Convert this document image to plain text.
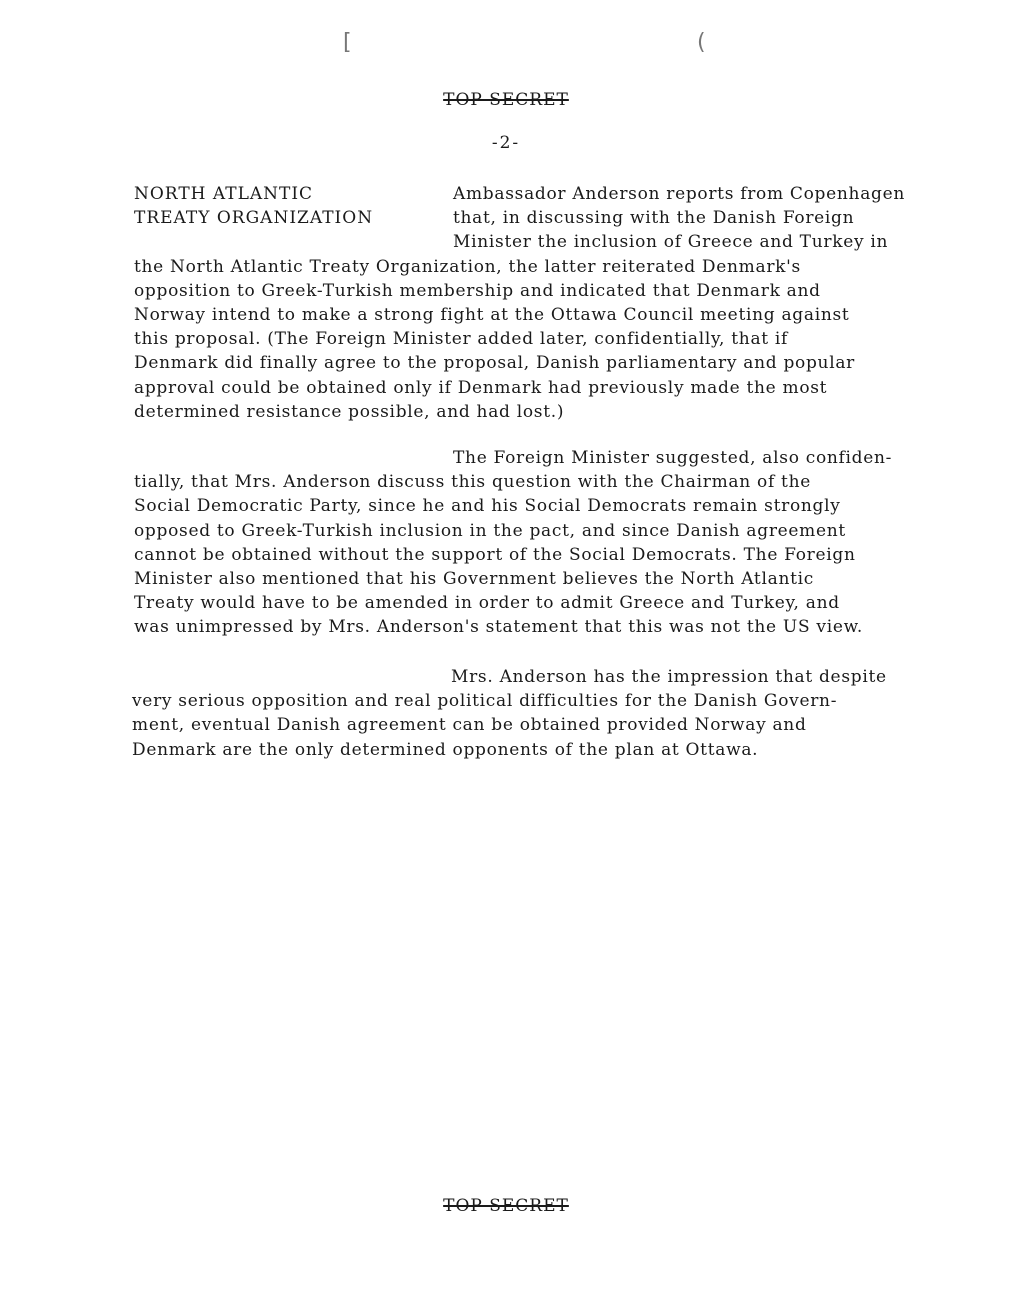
[	(
TOP SECRET
-2-
NORTH ATLANTIC
TREATY ORGANIZATION
Ambassador Anderson reports from Copenhagen
that, in discussing with the Danish Foreign
Minister the inclusion of Greece and Turkey in
the North Atlantic Treaty Organization, the latter reiterated Denmark's
opposition to Greek-Turkish membership and indicated that Denmark and
Norway intend to make a strong fight at the Ottawa Council meeting against
this proposal. (The Foreign Minister added later, confidentially, that if
Denmark did finally agree to the proposal, Danish parliamentary and popular
approval could be obtained only if Denmark had previously made the most
determined resistance possible, and had lost.)
The Foreign Minister suggested, also confiden-
tially, that Mrs. Anderson discuss this question with the Chairman of the
Social Democratic Party, since he and his Social Democrats remain strongly
opposed to Greek-Turkish inclusion in the pact, and since Danish agreement
cannot be obtained without the support of the Social Democrats. The Foreign
Minister also mentioned that his Government believes the North Atlantic
Treaty would have to be amended in order to admit Greece and Turkey, and
was unimpressed by Mrs. Anderson's statement that this was not the US view.
Mrs. Anderson has the impression that despite
very serious opposition and real political difficulties for the Danish Govern-
ment, eventual Danish agreement can be obtained provided Norway and
Denmark are the only determined opponents of the plan at Ottawa.
TOP SECRET
